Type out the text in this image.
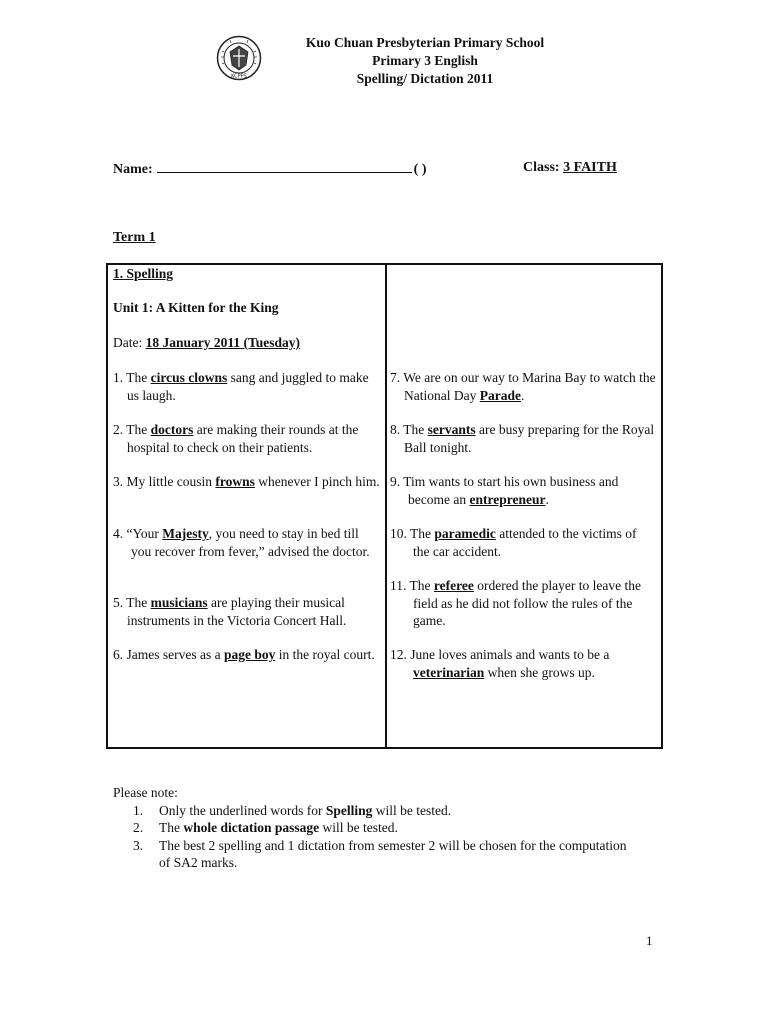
KCPPS
Kuo Chuan Presbyterian Primary School
Primary 3 English
Spelling/ Dictation 2011
Name:	( )	Class: 3 FAITH
Term 1
1. Spelling
Unit 1: A Kitten for the King
Date: 18 January 2011 (Tuesday)
1. The circus clowns sang and juggled to make us laugh.
2. The doctors are making their rounds at the hospital to check on their patients.
3. My little cousin frowns whenever I pinch him.
4. “Your Majesty, you need to stay in bed till you recover from fever,” advised the doctor.
5. The musicians are playing their musical instruments in the Victoria Concert Hall.
6. James serves as a page boy in the royal court.
7. We are on our way to Marina Bay to watch the National Day Parade.
8. The servants are busy preparing for the Royal Ball tonight.
9. Tim wants to start his own business and become an entrepreneur.
10. The paramedic attended to the victims of the car accident.
11. The referee ordered the player to leave the field as he did not follow the rules of the game.
12. June loves animals and wants to be a veterinarian when she grows up.
Please note:
1. Only the underlined words for Spelling will be tested.
2. The whole dictation passage will be tested.
3. The best 2 spelling and 1 dictation from semester 2 will be chosen for the computation of SA2 marks.
1
